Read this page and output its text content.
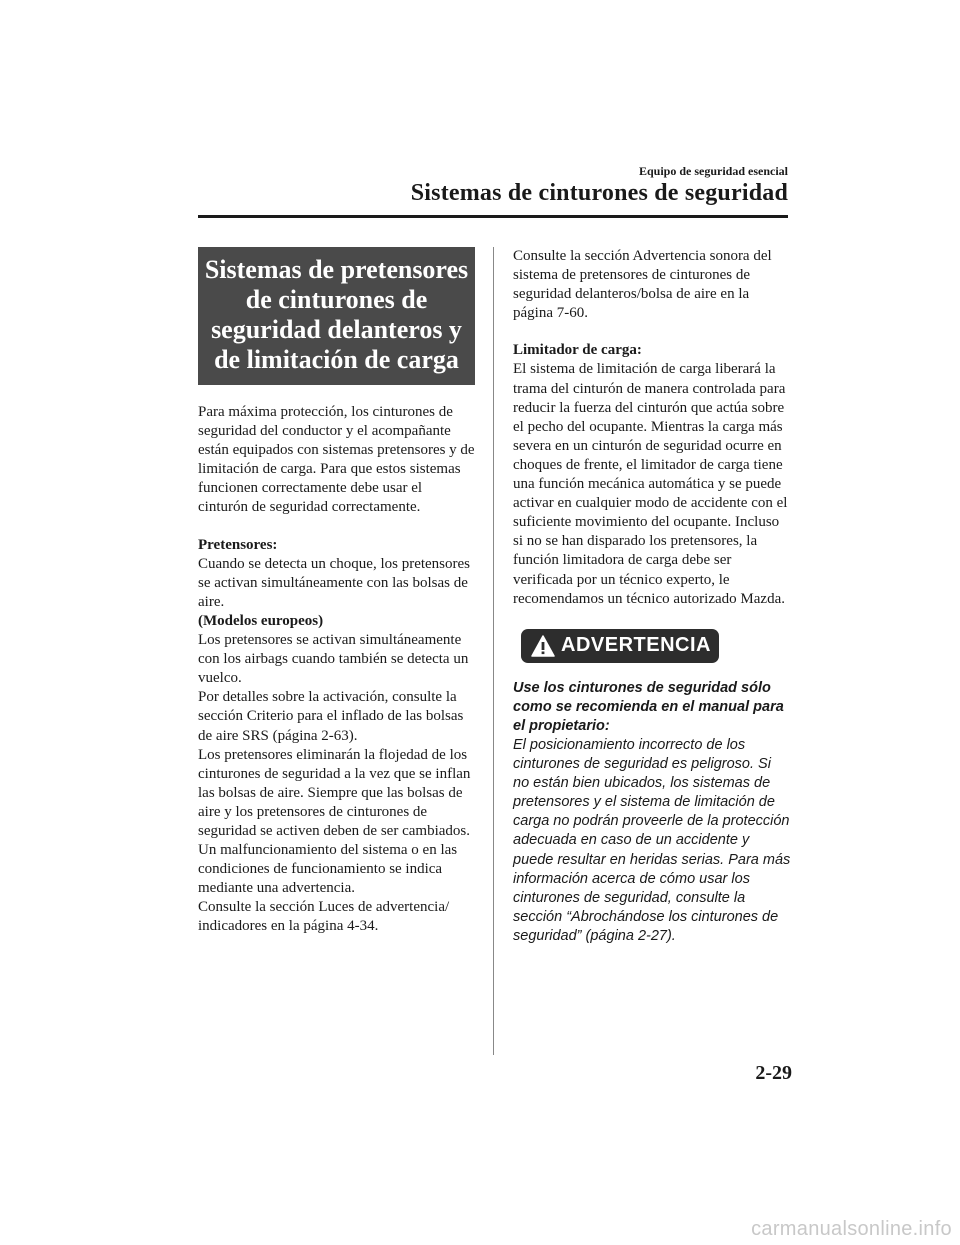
Equipo de seguridad esencial
Sistemas de cinturones de seguridad
Sistemas de pretensores de cinturones de seguridad delanteros y de limitación de carga

Para máxima protección, los cinturones de seguridad del conductor y el acompañante están equipados con sistemas pretensores y de limitación de carga. Para que estos sistemas funcionen correctamente debe usar el cinturón de seguridad correctamente.

Pretensores:

Cuando se detecta un choque, los pretensores se activan simultáneamente con las bolsas de aire.

(Modelos europeos)

Los pretensores se activan simultáneamente con los airbags cuando también se detecta un vuelco.

Por detalles sobre la activación, consulte la sección Criterio para el inflado de las bolsas de aire SRS (página 2-63).

Los pretensores eliminarán la flojedad de los cinturones de seguridad a la vez que se inflan las bolsas de aire. Siempre que las bolsas de aire y los pretensores de cinturones de seguridad se activen deben de ser cambiados.

Un malfuncionamiento del sistema o en las condiciones de funcionamiento se indica mediante una advertencia.

Consulte la sección Luces de advertencia/ indicadores en la página 4-34.

Consulte la sección Advertencia sonora del sistema de pretensores de cinturones de seguridad delanteros/bolsa de aire en la página 7-60.

Limitador de carga:

El sistema de limitación de carga liberará la trama del cinturón de manera controlada para reducir la fuerza del cinturón que actúa sobre el pecho del ocupante. Mientras la carga más severa en un cinturón de seguridad ocurre en choques de frente, el limitador de carga tiene una función mecánica automática y se puede activar en cualquier modo de accidente con el suficiente movimiento del ocupante. Incluso si no se han disparado los pretensores, la función limitadora de carga debe ser verificada por un técnico experto, le recomendamos un técnico autorizado Mazda.

ADVERTENCIA

Use los cinturones de seguridad sólo como se recomienda en el manual para el propietario:

El posicionamiento incorrecto de los cinturones de seguridad es peligroso. Si no están bien ubicados, los sistemas de pretensores y el sistema de limitación de carga no podrán proveerle de la protección adecuada en caso de un accidente y puede resultar en heridas serias. Para más información acerca de cómo usar los cinturones de seguridad, consulte la sección “Abrochándose los cinturones de seguridad” (página 2-27).

2-29
carmanualsonline.info
